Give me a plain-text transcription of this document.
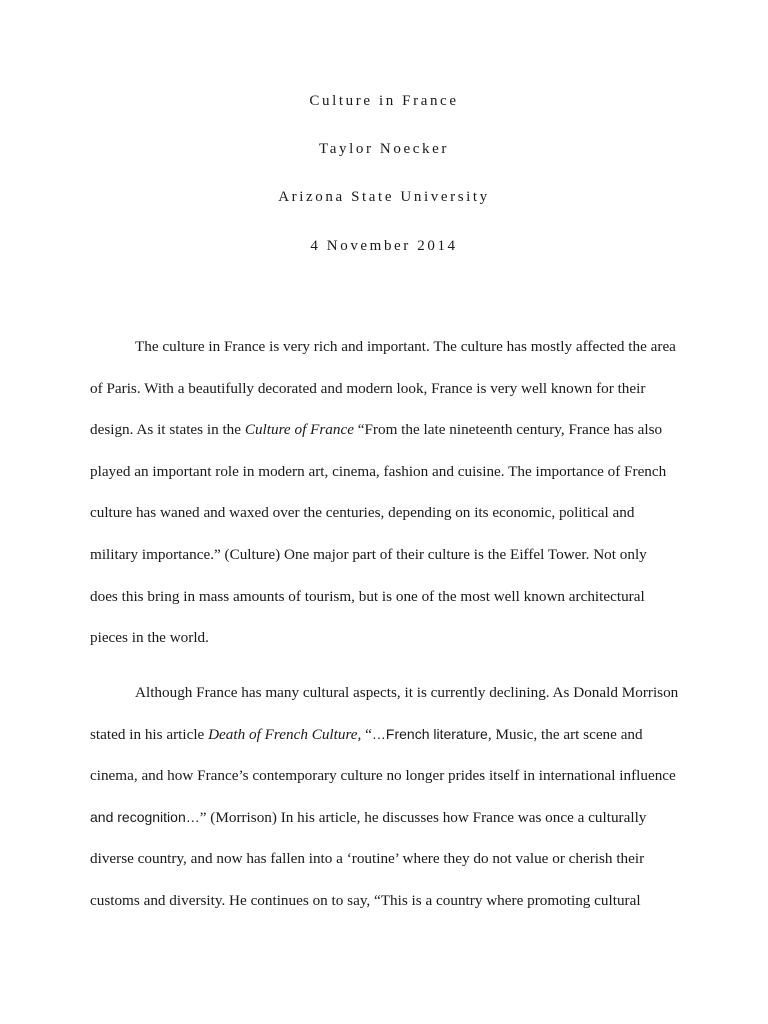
Culture in France
Taylor Noecker
Arizona State University
4 November 2014
The culture in France is very rich and important. The culture has mostly affected the area
of Paris. With a beautifully decorated and modern look, France is very well known for their
design. As it states in the Culture of France “From the late nineteenth century, France has also
played an important role in modern art, cinema, fashion and cuisine. The importance of French
culture has waned and waxed over the centuries, depending on its economic, political and
military importance.” (Culture) One major part of their culture is the Eiffel Tower. Not only
does this bring in mass amounts of tourism, but is one of the most well known architectural
pieces in the world.
Although France has many cultural aspects, it is currently declining. As Donald Morrison
stated in his article Death of French Culture, “…French literature, Music, the art scene and
cinema, and how France’s contemporary culture no longer prides itself in international influence
and recognition…” (Morrison) In his article, he discusses how France was once a culturally
diverse country, and now has fallen into a ‘routine’ where they do not value or cherish their
customs and diversity. He continues on to say, “This is a country where promoting cultural
